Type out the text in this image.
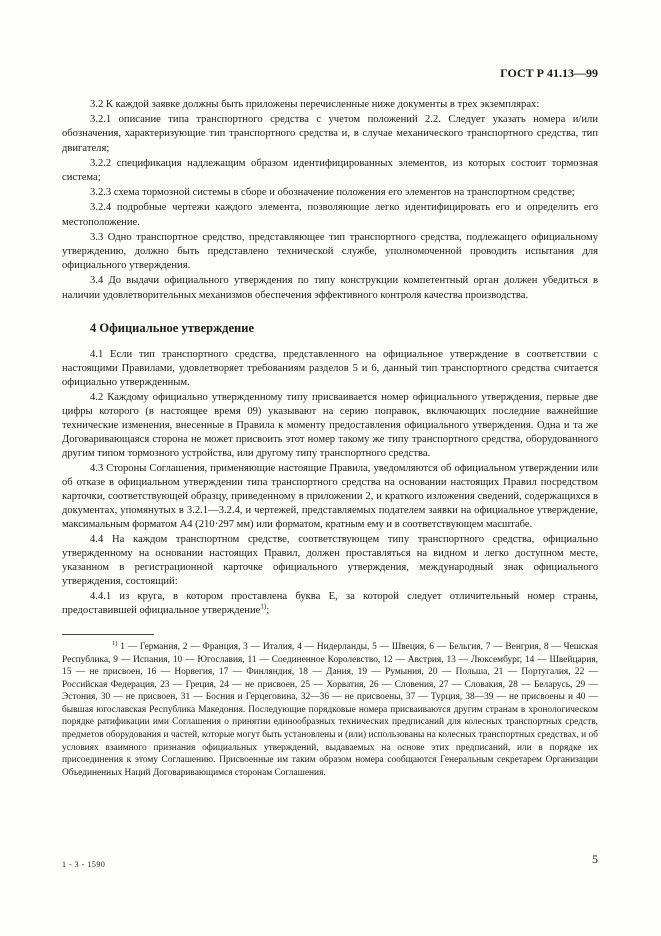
ГОСТ Р 41.13—99

3.2 К каждой заявке должны быть приложены перечисленные ниже документы в трех экземплярах:

3.2.1 описание типа транспортного средства с учетом положений 2.2. Следует указать номера и/или обозначения, характеризующие тип транспортного средства и, в случае механического транспортного средства, тип двигателя;

3.2.2 спецификация надлежащим образом идентифицированных элементов, из которых состоит тормозная система;

3.2.3 схема тормозной системы в сборе и обозначение положения его элементов на транспортном средстве;

3.2.4 подробные чертежи каждого элемента, позволяющие легко идентифицировать его и определить его местоположение.

3.3 Одно транспортное средство, представляющее тип транспортного средства, подлежащего официальному утверждению, должно быть представлено технической службе, уполномоченной проводить испытания для официального утверждения.

3.4 До выдачи официального утверждения по типу конструкции компетентный орган должен убедиться в наличии удовлетворительных механизмов обеспечения эффективного контроля качества производства.

4 Официальное утверждение

4.1 Если тип транспортного средства, представленного на официальное утверждение в соответствии с настоящими Правилами, удовлетворяет требованиям разделов 5 и 6, данный тип транспортного средства считается официально утвержденным.

4.2 Каждому официально утвержденному типу присваивается номер официального утверждения, первые две цифры которого (в настоящее время 09) указывают на серию поправок, включающих последние важнейшие технические изменения, внесенные в Правила к моменту предоставления официального утверждения. Одна и та же Договаривающаяся сторона не может присвоить этот номер такому же типу транспортного средства, оборудованного другим типом тормозного устройства, или другому типу транспортного средства.

4.3 Стороны Соглашения, применяющие настоящие Правила, уведомляются об официальном утверждении или об отказе в официальном утверждении типа транспортного средства на основании настоящих Правил посредством карточки, соответствующей образцу, приведенному в приложении 2, и краткого изложения сведений, содержащихся в документах, упомянутых в 3.2.1—3.2.4, и чертежей, представляемых подателем заявки на официальное утверждение, максимальным форматом А4 (210·297 мм) или форматом, кратным ему и в соответствующем масштабе.

4.4 На каждом транспортном средстве, соответствующем типу транспортного средства, официально утвержденному на основании настоящих Правил, должен проставляться на видном и легко доступном месте, указанном в регистрационной карточке официального утверждения, международный знак официального утверждения, состоящий:

4.4.1 из круга, в котором проставлена буква Е, за которой следует отличительный номер страны, предоставившей официальное утверждение$^{1)}$;

$^{1)}$ 1 — Германия, 2 — Франция, 3 — Италия, 4 — Нидерланды, 5 — Швеция, 6 — Бельгия, 7 — Венгрия, 8 — Чешская Республика, 9 — Испания, 10 — Югославия, 11 — Соединенное Королевство, 12 — Австрия, 13 — Люксембург, 14 — Швейцария, 15 — не присвоен, 16 — Норвегия, 17 — Финляндия, 18 — Дания, 19 — Румыния, 20 — Польша, 21 — Португалия, 22 — Российская Федерация, 23 — Греция, 24 — не присвоен, 25 — Хорватия, 26 — Словения, 27 — Словакия, 28 — Беларусь, 29 — Эстония, 30 — не присвоен, 31 — Босния и Герцеговина, 32—36 — не присвоены, 37 — Турция, 38—39 — не присвоены и 40 — бывшая югославская Республика Македония. Последующие порядковые номера присваиваются другим странам в хронологическом порядке ратификации ими Соглашения о принятии единообразных технических предписаний для колесных транспортных средств, предметов оборудования и частей, которые могут быть установлены и (или) использованы на колесных транспортных средствах, и об условиях взаимного признания официальных утверждений, выдаваемых на основе этих предписаний, или в порядке их присоединения к этому Соглашению. Присвоенные им таким образом номера сообщаются Генеральным секретарем Организации Объединенных Наций Договаривающимся сторонам Соглашения.

1 - 3 - 1590	5
